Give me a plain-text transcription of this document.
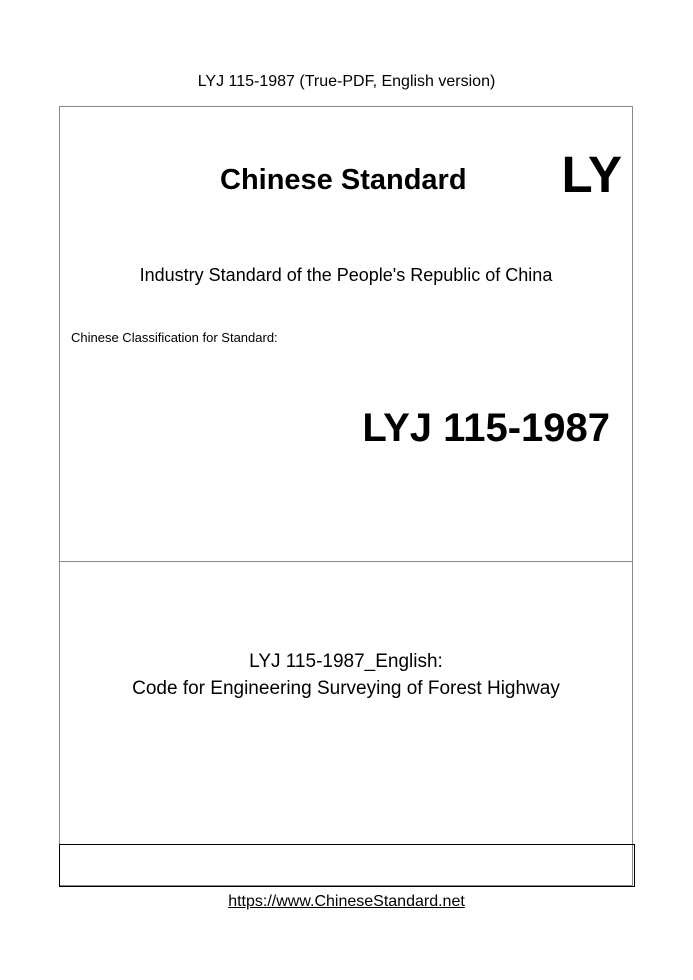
LYJ 115-1987 (True-PDF, English version)
Chinese Standard LY
Industry Standard of the People's Republic of China
Chinese Classification for Standard:
LYJ 115-1987
LYJ 115-1987_English:
Code for Engineering Surveying of Forest Highway
https://www.ChineseStandard.net
